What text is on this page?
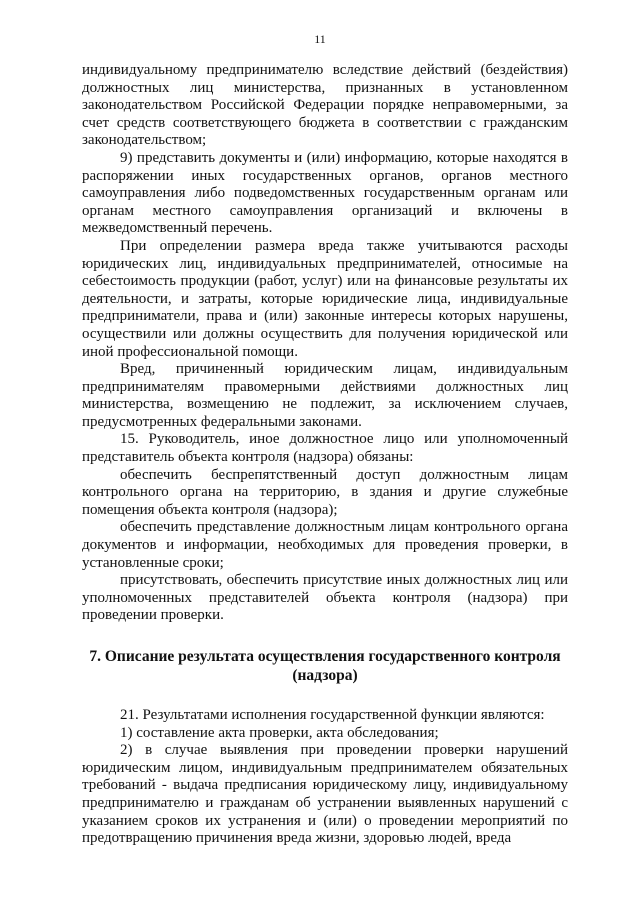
11

индивидуальному предпринимателю вследствие действий (бездействия) должностных лиц министерства, признанных в установленном законодательством Российской Федерации порядке неправомерными, за счет средств соответствующего бюджета в соответствии с гражданским законодательством;

9) представить документы и (или) информацию, которые находятся в распоряжении иных государственных органов, органов местного самоуправления либо подведомственных государственным органам или органам местного самоуправления организаций и включены в межведомственный перечень.

При определении размера вреда также учитываются расходы юридических лиц, индивидуальных предпринимателей, относимые на себестоимость продукции (работ, услуг) или на финансовые результаты их деятельности, и затраты, которые юридические лица, индивидуальные предприниматели, права и (или) законные интересы которых нарушены, осуществили или должны осуществить для получения юридической или иной профессиональной помощи.

Вред, причиненный юридическим лицам, индивидуальным предпринимателям правомерными действиями должностных лиц министерства, возмещению не подлежит, за исключением случаев, предусмотренных федеральными законами.

15. Руководитель, иное должностное лицо или уполномоченный представитель объекта контроля (надзора) обязаны:

обеспечить беспрепятственный доступ должностным лицам контрольного органа на территорию, в здания и другие служебные помещения объекта контроля (надзора);

обеспечить представление должностным лицам контрольного органа документов и информации, необходимых для проведения проверки, в установленные сроки;

присутствовать, обеспечить присутствие иных должностных лиц или уполномоченных представителей объекта контроля (надзора) при проведении проверки.

7. Описание результата осуществления государственного контроля (надзора)

21. Результатами исполнения государственной функции являются:

1) составление акта проверки, акта обследования;

2) в случае выявления при проведении проверки нарушений юридическим лицом, индивидуальным предпринимателем обязательных требований - выдача предписания юридическому лицу, индивидуальному предпринимателю и гражданам об устранении выявленных нарушений с указанием сроков их устранения и (или) о проведении мероприятий по предотвращению причинения вреда жизни, здоровью людей, вреда
